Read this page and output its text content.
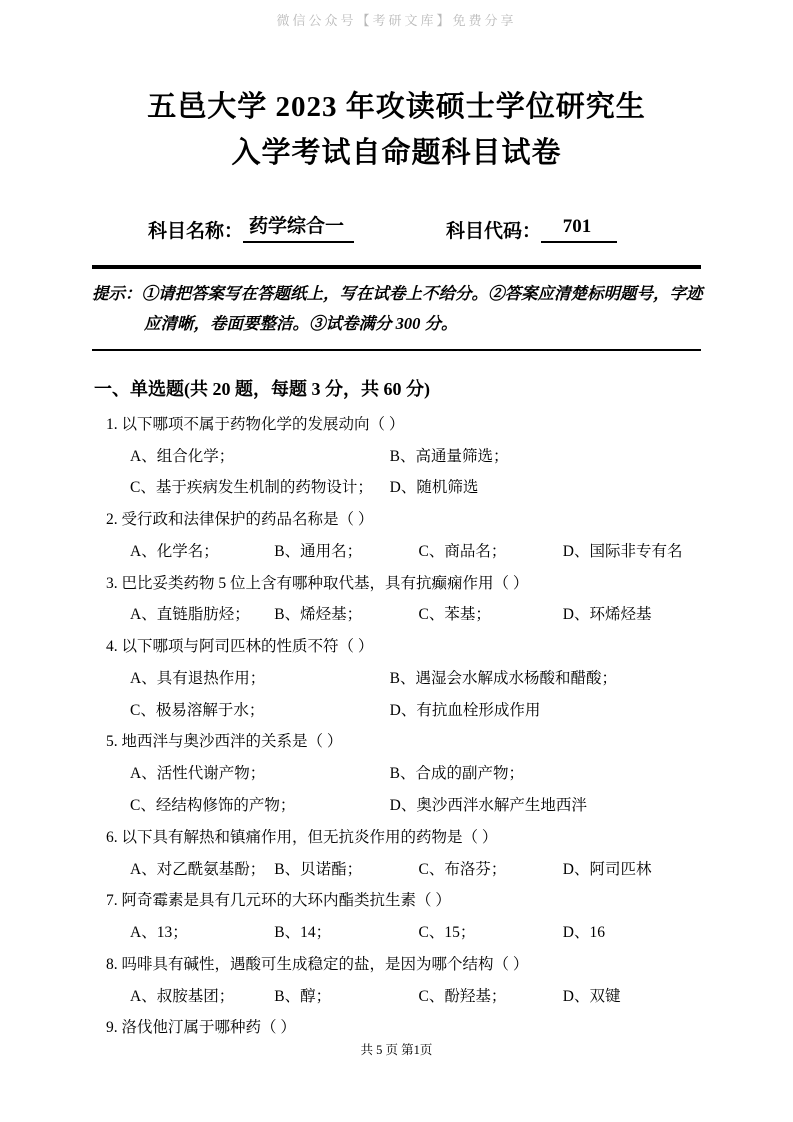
微信公众号【考研文库】免费分享
五邑大学 2023 年攻读硕士学位研究生
入学考试自命题科目试卷
科目名称： 药学综合一	科目代码：	701
提示：①请把答案写在答题纸上，写在试卷上不给分。②答案应清楚标明题号，字迹应清晰，卷面要整洁。③试卷满分 300 分。
一、单选题(共 20 题，每题 3 分，共 60 分)
1. 以下哪项不属于药物化学的发展动向（ ）
A、组合化学；	B、高通量筛选；
C、基于疾病发生机制的药物设计；	D、随机筛选
2. 受行政和法律保护的药品名称是（ ）
A、化学名；	B、通用名；	C、商品名；	D、国际非专有名
3. 巴比妥类药物 5 位上含有哪种取代基，具有抗癫痫作用（ ）
A、直链脂肪烃；	B、烯烃基；	C、苯基；	D、环烯烃基
4. 以下哪项与阿司匹林的性质不符（ ）
A、具有退热作用；	B、遇湿会水解成水杨酸和醋酸；
C、极易溶解于水；	D、有抗血栓形成作用
5. 地西泮与奥沙西泮的关系是（ ）
A、活性代谢产物；	B、合成的副产物；
C、经结构修饰的产物；	D、奥沙西泮水解产生地西泮
6. 以下具有解热和镇痛作用，但无抗炎作用的药物是（ ）
A、对乙酰氨基酚； B、贝诺酯；	C、布洛芬；	D、阿司匹林
7. 阿奇霉素是具有几元环的大环内酯类抗生素（ ）
A、13；	B、14；	C、15；	D、16
8. 吗啡具有碱性，遇酸可生成稳定的盐，是因为哪个结构（ ）
A、叔胺基团；	B、醇；	C、酚羟基；	D、双键
9. 洛伐他汀属于哪种药（ ）
共 5 页 第1页
